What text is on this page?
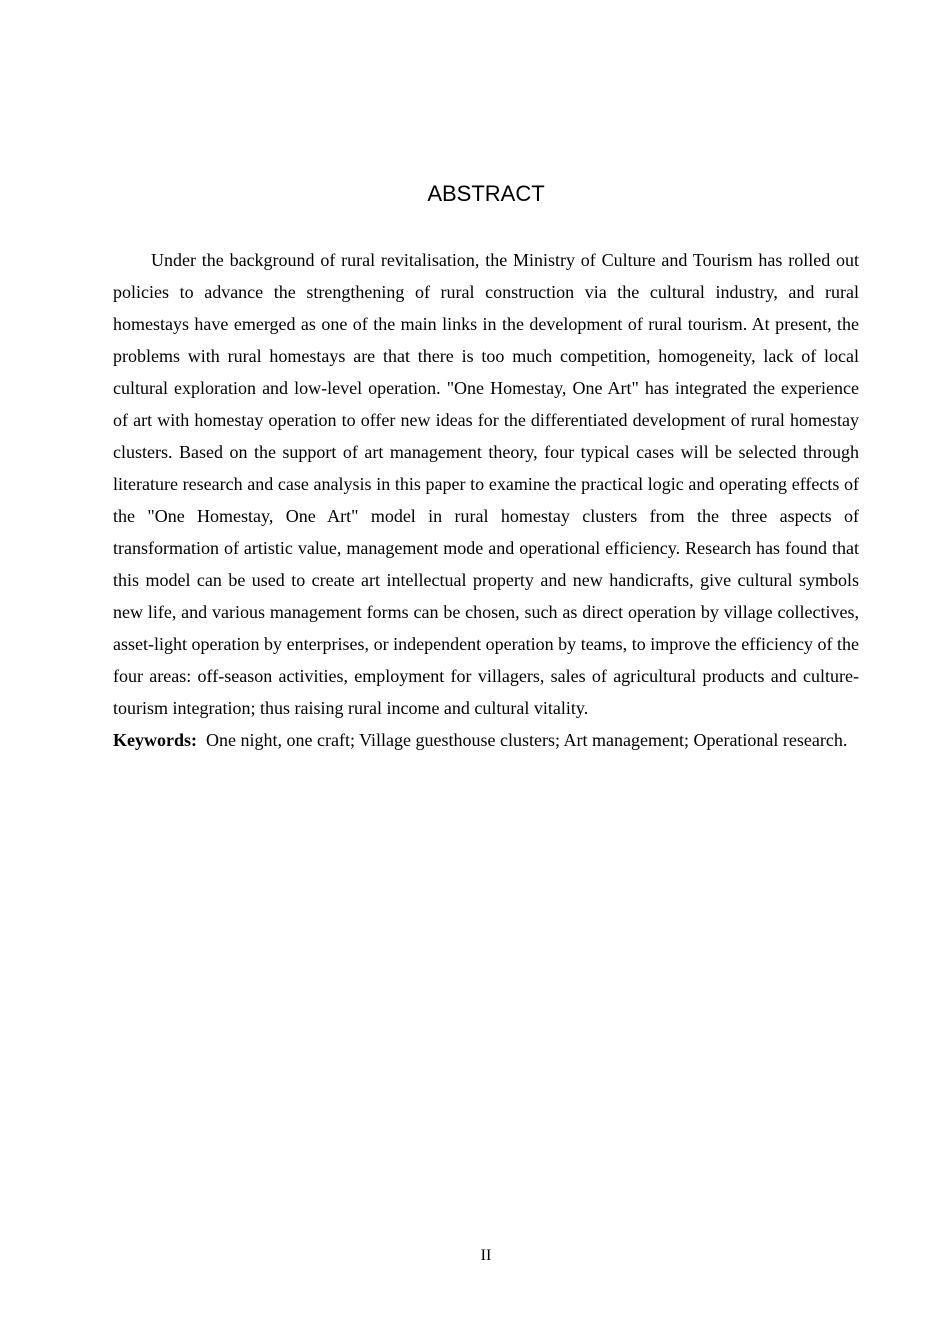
ABSTRACT

Under the background of rural revitalisation, the Ministry of Culture and Tourism has rolled out policies to advance the strengthening of rural construction via the cultural industry, and rural homestays have emerged as one of the main links in the development of rural tourism. At present, the problems with rural homestays are that there is too much competition, homogeneity, lack of local cultural exploration and low-level operation. "One Homestay, One Art" has integrated the experience of art with homestay operation to offer new ideas for the differentiated development of rural homestay clusters. Based on the support of art management theory, four typical cases will be selected through literature research and case analysis in this paper to examine the practical logic and operating effects of the "One Homestay, One Art" model in rural homestay clusters from the three aspects of transformation of artistic value, management mode and operational efficiency. Research has found that this model can be used to create art intellectual property and new handicrafts, give cultural symbols new life, and various management forms can be chosen, such as direct operation by village collectives, asset-light operation by enterprises, or independent operation by teams, to improve the efficiency of the four areas: off-season activities, employment for villagers, sales of agricultural products and culture-tourism integration; thus raising rural income and cultural vitality.

Keywords: One night, one craft; Village guesthouse clusters; Art management; Operational research.

II
